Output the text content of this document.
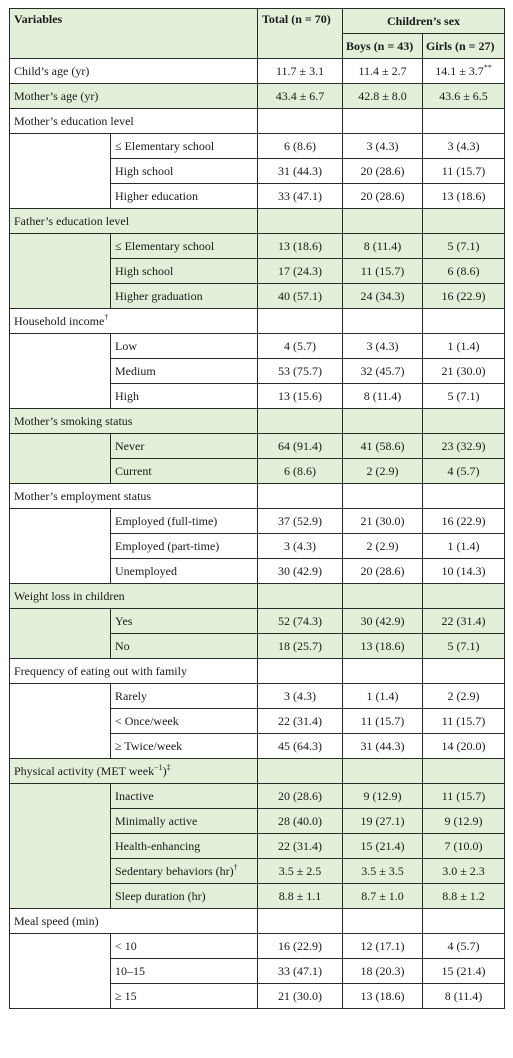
Variables		Total (n = 70)	Children’s sex	
			Boys (n = 43)	Girls (n = 27)
Child’s age (yr)		11.7 ± 3.1	11.4 ± 2.7	14.1 ± 3.7**
Mother’s age (yr)		43.4 ± 6.7	42.8 ± 8.0	43.6 ± 6.5
Mother’s education level				
	≤ Elementary school	6 (8.6)	3 (4.3)	3 (4.3)
	High school	31 (44.3)	20 (28.6)	11 (15.7)
	Higher education	33 (47.1)	20 (28.6)	13 (18.6)
Father’s education level				
	≤ Elementary school	13 (18.6)	8 (11.4)	5 (7.1)
	High school	17 (24.3)	11 (15.7)	6 (8.6)
	Higher graduation	40 (57.1)	24 (34.3)	16 (22.9)
Household income†			
	Low	4 (5.7)	3 (4.3)	1 (1.4)
	Medium	53 (75.7)	32 (45.7)	21 (30.0)
	High	13 (15.6)	8 (11.4)	5 (7.1)
Mother’s smoking status				
	Never	64 (91.4)	41 (58.6)	23 (32.9)
	Current	6 (8.6)	2 (2.9)	4 (5.7)
Mother’s employment status				
	Employed (full-time)	37 (52.9)	21 (30.0)	16 (22.9)
	Employed (part-time)	3 (4.3)	2 (2.9)	1 (1.4)
	Unemployed	30 (42.9)	20 (28.6)	10 (14.3)
Weight loss in children				
	Yes	52 (74.3)	30 (42.9)	22 (31.4)
	No	18 (25.7)	13 (18.6)	5 (7.1)
Frequency of eating out with family				
	Rarely	3 (4.3)	1 (1.4)	2 (2.9)
	< Once/week	22 (31.4)	11 (15.7)	11 (15.7)
	≥ Twice/week	45 (64.3)	31 (44.3)	14 (20.0)
Physical activity (MET week$^{-1}$)‡			
	Inactive	20 (28.6)	9 (12.9)	11 (15.7)
	Minimally active	28 (40.0)	19 (27.1)	9 (12.9)
	Health-enhancing	22 (31.4)	15 (21.4)	7 (10.0)
	Sedentary behaviors (hr)†	3.5 ± 2.5	3.5 ± 3.5	3.0 ± 2.3
	Sleep duration (hr)	8.8 ± 1.1	8.7 ± 1.0	8.8 ± 1.2
Meal speed (min)				
	< 10	16 (22.9)	12 (17.1)	4 (5.7)
	10–15	33 (47.1)	18 (20.3)	15 (21.4)
	≥ 15	21 (30.0)	13 (18.6)	8 (11.4)
